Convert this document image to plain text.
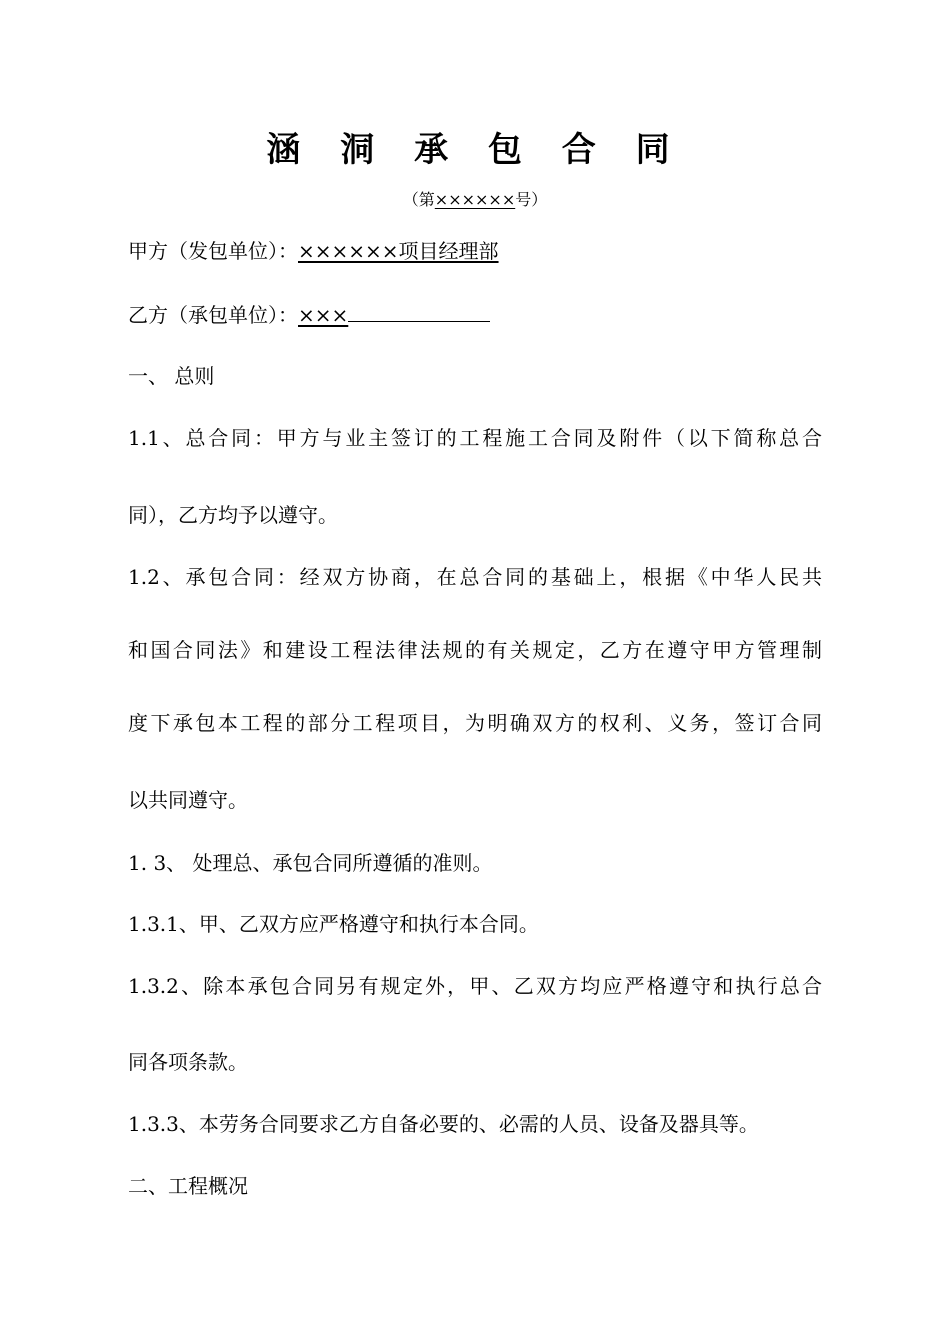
涵 洞 承 包 合 同
（第××××××号）
甲方（发包单位）：××××××项目经理部
乙方（承包单位）：×××
一、 总则
1.1、总合同：甲方与业主签订的工程施工合同及附件（以下简称总合
同），乙方均予以遵守。
1.2、承包合同：经双方协商，在总合同的基础上，根据《中华人民共
和国合同法》和建设工程法律法规的有关规定，乙方在遵守甲方管理制
度下承包本工程的部分工程项目，为明确双方的权利、义务，签订合同
以共同遵守。
1. 3、 处理总、承包合同所遵循的准则。
1.3.1、甲、乙双方应严格遵守和执行本合同。
1.3.2、除本承包合同另有规定外，甲、乙双方均应严格遵守和执行总合
同各项条款。
1.3.3、本劳务合同要求乙方自备必要的、必需的人员、设备及器具等。
二、工程概况
